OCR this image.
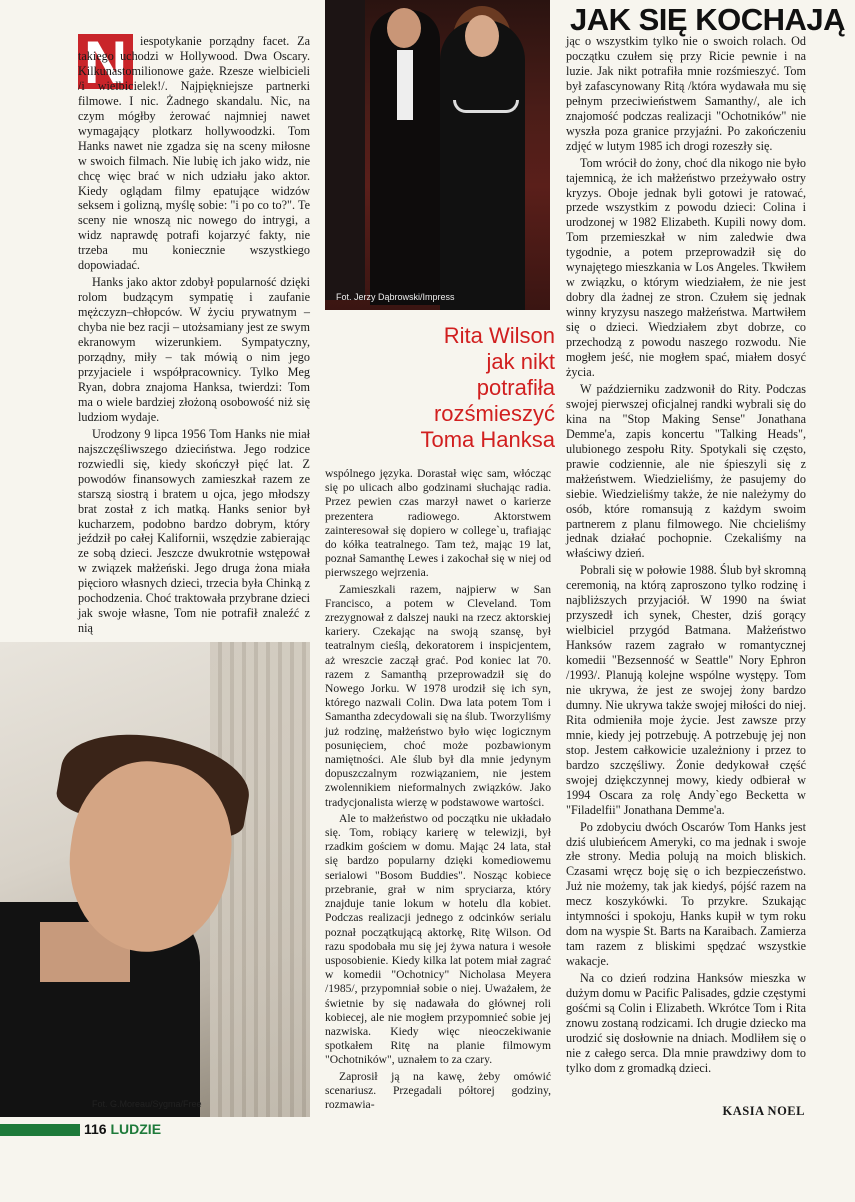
JAK SIĘ KOCHAJĄ
Fot. Jerzy Dąbrowski/Impress
Rita Wilson
jak nikt
potrafiła rozśmieszyć
Toma Hanksa
N	iespotykanie porządny facet. Za takiego uchodzi w Hollywood. Dwa Oscary. Kilkunastomilionowe gaże. Rzesze wielbicieli /i wielbicielek!/. Najpiękniejsze partnerki filmowe. I nic. Żadnego skandalu. Nic, na czym mógłby żerować najmniej nawet wymagający plotkarz hollywoodzki. Tom Hanks nawet nie zgadza się na sceny miłosne w swoich filmach. Nie lubię ich jako widz, nie chcę więc brać w nich udziału jako aktor. Kiedy oglądam filmy epatujące widzów seksem i golizną, myślę sobie: "i po co to?". Te sceny nie wnoszą nic nowego do intrygi, a widz naprawdę potrafi kojarzyć fakty, nie trzeba mu koniecznie wszystkiego dopowiadać.

Hanks jako aktor zdobył popularność dzięki rolom budzącym sympatię i zaufanie mężczyzn–chłopców. W życiu prywatnym – chyba nie bez racji – utożsamiany jest ze swym ekranowym wizerunkiem. Sympatyczny, porządny, miły – tak mówią o nim jego przyjaciele i współpracownicy. Tylko Meg Ryan, dobra znajoma Hanksa, twierdzi: Tom ma o wiele bardziej złożoną osobowość niż się ludziom wydaje.

Urodzony 9 lipca 1956 Tom Hanks nie miał najszczęśliwszego dzieciństwa. Jego rodzice rozwiedli się, kiedy skończył pięć lat. Z powodów finansowych zamieszkał razem ze starszą siostrą i bratem u ojca, jego młodszy brat został z ich matką. Hanks senior był kucharzem, podobno bardzo dobrym, który jeździł po całej Kalifornii, wszędzie zabierając ze sobą dzieci. Jeszcze dwukrotnie wstępował w związek małżeński. Jego druga żona miała pięcioro własnych dzieci, trzecia była Chinką z pochodzenia. Choć traktowała przybrane dzieci jak swoje własne, Tom nie potrafił znaleźć z nią

wspólnego języka. Dorastał więc sam, włócząc się po ulicach albo godzinami słuchając radia. Przez pewien czas marzył nawet o karierze prezentera radiowego. Aktorstwem zainteresował się dopiero w college`u, trafiając do kółka teatralnego. Tam też, mając 19 lat, poznał Samanthę Lewes i zakochał się w niej od pierwszego wejrzenia.

Zamieszkali razem, najpierw w San Francisco, a potem w Cleveland. Tom zrezygnował z dalszej nauki na rzecz aktorskiej kariery. Czekając na swoją szansę, był teatralnym cieślą, dekoratorem i inspicjentem, aż wreszcie zaczął grać. Pod koniec lat 70. razem z Samanthą przeprowadził się do Nowego Jorku. W 1978 urodził się ich syn, którego nazwali Colin. Dwa lata potem Tom i Samantha zdecydowali się na ślub. Tworzyliśmy już rodzinę, małżeństwo było więc logicznym posunięciem, choć może pozbawionym namiętności. Ale ślub był dla mnie jedynym dopuszczalnym rozwiązaniem, nie jestem zwolennikiem nieformalnych związków. Jako tradycjonalista wierzę w podstawowe wartości.

Ale to małżeństwo od początku nie układało się. Tom, robiący karierę w telewizji, był rzadkim gościem w domu. Mając 24 lata, stał się bardzo popularny dzięki komediowemu serialowi "Bosom Buddies". Nosząc kobiece przebranie, grał w nim spryciarza, który znajduje tanie lokum w hotelu dla kobiet. Podczas realizacji jednego z odcinków serialu poznał początkującą aktorkę, Ritę Wilson. Od razu spodobała mu się jej żywa natura i wesołe usposobienie. Kiedy kilka lat potem miał zagrać w komedii "Ochotnicy" Nicholasa Meyera /1985/, przypomniał sobie o niej. Uważałem, że świetnie by się nadawała do głównej roli kobiecej, ale nie mogłem przypomnieć sobie jej nazwiska. Kiedy więc nieoczekiwanie spotkałem Ritę na planie filmowym "Ochotników", uznałem to za czary.

Zaprosił ją na kawę, żeby omówić scenariusz. Przegadali półtorej godziny, rozmawia-

jąc o wszystkim tylko nie o swoich rolach. Od początku czułem się przy Ricie pewnie i na luzie. Jak nikt potrafiła mnie rozśmieszyć. Tom był zafascynowany Ritą /która wydawała mu się pełnym przeciwieństwem Samanthy/, ale ich znajomość podczas realizacji "Ochotników" nie wyszła poza granice przyjaźni. Po zakończeniu zdjęć w lutym 1985 ich drogi rozeszły się.

Tom wrócił do żony, choć dla nikogo nie było tajemnicą, że ich małżeństwo przeżywało ostry kryzys. Oboje jednak byli gotowi je ratować, przede wszystkim z powodu dzieci: Colina i urodzonej w 1982 Elizabeth. Kupili nowy dom. Tom przemieszkał w nim zaledwie dwa tygodnie, a potem przeprowadził się do wynajętego mieszkania w Los Angeles. Tkwiłem w związku, o którym wiedziałem, że nie jest dobry dla żadnej ze stron. Czułem się jednak winny kryzysu naszego małżeństwa. Martwiłem się o dzieci. Wiedziałem zbyt dobrze, co przechodzą z powodu naszego rozwodu. Nie mogłem jeść, nie mogłem spać, miałem dosyć życia.

W październiku zadzwonił do Rity. Podczas swojej pierwszej oficjalnej randki wybrali się do kina na "Stop Making Sense" Jonathana Demme'a, zapis koncertu "Talking Heads", ulubionego zespołu Rity. Spotykali się często, prawie codziennie, ale nie śpieszyli się z małżeństwem. Wiedzieliśmy, że pasujemy do siebie. Wiedzieliśmy także, że nie należymy do osób, które romansują z każdym swoim partnerem z planu filmowego. Nie chcieliśmy jednak działać pochopnie. Czekaliśmy na właściwy dzień.

Pobrali się w połowie 1988. Ślub był skromną ceremonią, na którą zaproszono tylko rodzinę i najbliższych przyjaciół. W 1990 na świat przyszedł ich synek, Chester, dziś gorący wielbiciel przygód Batmana. Małżeństwo Hanksów razem zagrało w romantycznej komedii "Bezsenność w Seattle" Nory Ephron /1993/. Planują kolejne wspólne występy. Tom nie ukrywa, że jest ze swojej żony bardzo dumny. Nie ukrywa także swojej miłości do niej. Rita odmieniła moje życie. Jest zawsze przy mnie, kiedy jej potrzebuję. A potrzebuję jej non stop. Jestem całkowicie uzależniony i przez to bardzo szczęśliwy. Żonie dedykował część swojej dziękczynnej mowy, kiedy odbierał w 1994 Oscara za rolę Andy`ego Becketta w "Filadelfii" Jonathana Demme'a.

Po zdobyciu dwóch Oscarów Tom Hanks jest dziś ulubieńcem Ameryki, co ma jednak i swoje złe strony. Media polują na moich bliskich. Czasami wręcz boję się o ich bezpieczeństwo. Już nie możemy, tak jak kiedyś, pójść razem na mecz koszykówki. To przykre. Szukając intymności i spokoju, Hanks kupił w tym roku dom na wyspie St. Barts na Karaibach. Zamierza tam razem z bliskimi spędzać wszystkie wakacje.

Na co dzień rodzina Hanksów mieszka w dużym domu w Pacific Palisades, gdzie częstymi gośćmi są Colin i Elizabeth. Wkrótce Tom i Rita znowu zostaną rodzicami. Ich drugie dziecko ma urodzić się dosłownie na dniach. Modliłem się o nie z całego serca. Dla mnie prawdziwy dom to tylko dom z gromadką dzieci.

Fot. G.Moreau/Sygma/Free
116 LUDZIE
KASIA NOEL
